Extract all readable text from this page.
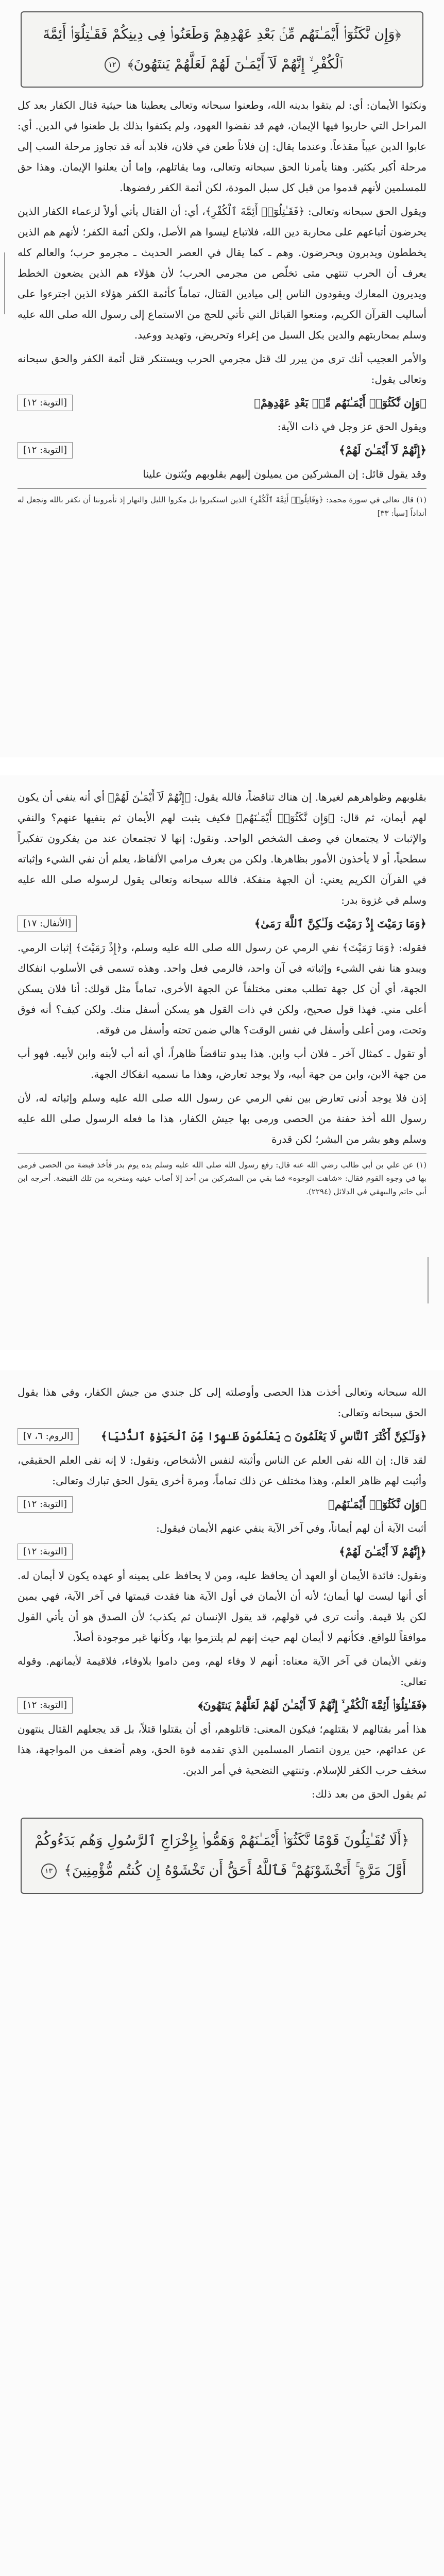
﴿وَإِن نَّكَثُوٓا۟ أَيْمَـٰنَهُم مِّنۢ بَعْدِ عَهْدِهِمْ وَطَعَنُوا۟ فِى دِينِكُمْ فَقَـٰتِلُوٓا۟ أَئِمَّةَ ٱلْكُفْرِ ۙ إِنَّهُمْ لَآ أَيْمَـٰنَ لَهُمْ لَعَلَّهُمْ يَنتَهُونَ﴾ ١٢

ونكثوا الأيمان: أي: لم يتقوا بدينه الله، وطعنوا سبحانه وتعالى يعطينا هنا حيثية قتال الكفار بعد كل المراحل التي حاربوا فيها الإيمان، فهم قد نقضوا العهود، ولم يكتفوا بذلك بل طعنوا في الدين. أي: عابوا الدين عيباً مقذعاً. وعندما يقال: إن فلاناً طعن في فلان، فلابد أنه قد تجاوز مرحلة السب إلى مرحلة أكبر بكثير. وهنا يأمرنا الحق سبحانه وتعالى، وما يقاتلهم، وإما أن يعلنوا الإيمان. وهذا حق للمسلمين لأنهم قدموا من قبل كل سبل المودة، لكن أئمة الكفر رفضوها.

ويقول الحق سبحانه وتعالى: ﴿فَقَـٰتِلُوٓا۟ أَئِمَّةَ ٱلْكُفْرِ﴾، أي: أن القتال يأتي أولاً لزعماء الكفار الذين يحرضون أتباعهم على محاربة دين الله، فلاتباع ليسوا هم الأصل، ولكن أئمة الكفر؛ لأنهم هم الذين يخططون ويدبرون ويحرضون. وهم ـ كما يقال في العصر الحديث ـ مجرمو حرب؛ والعالم كله يعرف أن الحرب تنتهي متى تخلّص من مجرمي الحرب؛ لأن هؤلاء هم الذين يضعون الخطط ويديرون المعارك ويقودون الناس إلى ميادين القتال، تماماً كأئمة الكفر هؤلاء الذين اجترءوا على أساليب القرآن الكريم، ومنعوا القبائل التي تأتي للحج من الاستماع إلى رسول الله صلى الله عليه وسلم بمحاربتهم والدين بكل السبل من إغراء وتحريض، وتهديد ووعيد.

والأمر العجيب أنك ترى من يبرر لك قتل مجرمي الحرب ويستنكر قتل أئمة الكفر والحق سبحانه وتعالى يقول:

﴿وَإِن نَّكَثُوٓا۟ أَيْمَـٰنَهُم مِّنۢ بَعْدِ عَهْدِهِمْ﴾
[التوبة: ١٢]

ويقول الحق عز وجل في ذات الآية:

﴿إِنَّهُمْ لَآ أَيْمَـٰنَ لَهُمْ﴾
[التوبة: ١٢]

وقد يقول قائل: إن المشركين من يميلون إليهم بقلوبهم ويُثنون علينا

(١) قال تعالى في سورة محمد: ﴿وَقَاتِلُوا۟ أَئِمَّةَ ٱلْكُفْرِ﴾ الذين استكبروا بل مكروا الليل والنهار إذ تأمروننا أن نكفر بالله ونجعل له أنداداً [سبأ: ٣٣]

بقلوبهم وظواهرهم لغيرها. إن هناك تناقضاً، فالله يقول: ﴿إِنَّهُمْ لَآ أَيْمَـٰنَ لَهُمْ﴾ أي أنه ينفي أن يكون لهم أيمان، ثم قال: ﴿وَإِن نَّكَثُوٓا۟ أَيْمَـٰنَهُم﴾ فكيف يثبت لهم الأيمان ثم ينفيها عنهم؟ والنفي والإثبات لا يجتمعان في وصف الشخص الواحد. ونقول: إنها لا تجتمعان عند من يفكرون تفكيراً سطحياً، أو لا يأخذون الأمور بظاهرها. ولكن من يعرف مرامي الألفاظ، يعلم أن نفي الشيء وإثباته في القرآن الكريم يعني: أن الجهة منفكة. فالله سبحانه وتعالى يقول لرسوله صلى الله عليه وسلم في غزوة بدر:

﴿وَمَا رَمَيْتَ إِذْ رَمَيْتَ وَلَـٰكِنَّ ٱللَّهَ رَمَىٰ﴾
[الأنفال: ١٧]

فقوله: ﴿وَمَا رَمَيْتَ﴾ نفي الرمي عن رسول الله صلى الله عليه وسلم، و﴿إِذْ رَمَيْتَ﴾ إثبات الرمي. ويبدو هنا نفي الشيء وإثباته في آن واحد، فالرمي فعل واحد. وهذه تسمى في الأسلوب انفكاك الجهة، أي أن كل جهة تطلب معنى مختلفاً عن الجهة الأخرى، تماماً مثل قولك: أنا فلان يسكن أعلى مني. فهذا قول صحيح، ولكن في ذات القول هو يسكن أسفل منك. ولكن كيف؟ أنه فوق وتحت، ومن أعلى وأسفل في نفس الوقت؟ هالي ضمن تحته وأسفل من فوقه.

أو تقول ـ كمثال آخر ـ فلان أب وابن. هذا يبدو تناقضاً ظاهراً، أي أنه أب لأبنه وابن لأبيه. فهو أب من جهة الابن، وابن من جهة أبيه، ولا يوجد تعارض، وهذا ما نسميه انفكاك الجهة.

إذن فلا يوجد أدنى تعارض بين نفي الرمي عن رسول الله صلى الله عليه وسلم وإثباته له، لأن رسول الله أخذ حفنة من الحصى ورمى بها جيش الكفار، هذا ما فعله الرسول صلى الله عليه وسلم وهو بشر من البشر؛ لكن قدرة

(١) عن علي بن أبي طالب رضي الله عنه قال: رفع رسول الله صلى الله عليه وسلم يده يوم بدر فأخذ قبضة من الحصى فرمى بها في وجوه القوم فقال: «شاهت الوجوه» فما بقي من المشركين من أحد إلا أصاب عينيه ومنخريه من تلك القبضة. أخرجه ابن أبي حاتم والبيهقي في الدلائل (٢٢٩٤).

الله سبحانه وتعالى أخذت هذا الحصى وأوصلته إلى كل جندي من جيش الكفار، وفي هذا يقول الحق سبحانه وتعالى:

﴿وَلَـٰكِنَّ أَكْثَرَ ٱلنَّاسِ لَا يَعْلَمُونَ ۝ يَعْلَمُونَ ظَـٰهِرًا مِّنَ ٱلْحَيَوٰةِ ٱلدُّنْيَا﴾
[الروم: ٦، ٧]

لقد قال: إن الله نفى العلم عن الناس وأثبته لنفس الأشخاص، ونقول: لا إنه نفى العلم الحقيقي، وأثبت لهم ظاهر العلم، وهذا مختلف عن ذلك تماماً، ومرة أخرى يقول الحق تبارك وتعالى:

﴿وَإِن نَّكَثُوٓا۟ أَيْمَـٰنَهُم﴾
[التوبة: ١٢]

أثبت الآية أن لهم أيماناً، وفي آخر الآية ينفي عنهم الأيمان فيقول:

﴿إِنَّهُمْ لَآ أَيْمَـٰنَ لَهُمْ﴾
[التوبة: ١٢]

ونقول: فائدة الأيمان أو العهد أن يحافظ عليه، ومن لا يحافظ على يمينه أو عهده يكون لا أيمان له. أي أنها ليست لها أيمان؛ لأنه أن الأيمان في أول الآية هنا فقدت قيمتها في آخر الآية، فهي يمين لكن بلا قيمة. وأنت ترى في قولهم، قد يقول الإنسان ثم يكذب؛ لأن الصدق هو أن يأتي القول موافقاً للواقع. فكأنهم لا أيمان لهم حيث إنهم لم يلتزموا بها، وكأنها غير موجودة أصلاً.

ونفي الأيمان في آخر الآية معناه: أنهم لا وفاء لهم، ومن داموا بلاوفاء، فلاقيمة لأيمانهم. وقوله تعالى:

﴿فَقَـٰتِلُوٓا۟ أَئِمَّةَ ٱلْكُفْرِ ۙ إِنَّهُمْ لَآ أَيْمَـٰنَ لَهُمْ لَعَلَّهُمْ يَنتَهُونَ﴾
[التوبة: ١٢]

هذا أمر بقتالهم لا بقتلهم؛ فيكون المعنى: قاتلوهم، أي أن يقتلوا قتلاً، بل قد يجعلهم القتال ينتهون عن عدائهم، حين يرون انتصار المسلمين الذي تقدمه قوة الحق، وهم أضعف من المواجهة، هذا سخف حرب الكفر للإسلام. وتنتهي التضحية في أمر الدين.

ثم يقول الحق من بعد ذلك:

﴿أَلَا تُقَـٰتِلُونَ قَوْمًا نَّكَثُوٓا۟ أَيْمَـٰنَهُمْ وَهَمُّوا۟ بِإِخْرَاجِ ٱلرَّسُولِ وَهُم بَدَءُوكُمْ أَوَّلَ مَرَّةٍ ۚ أَتَخْشَوْنَهُمْ ۚ فَٱللَّهُ أَحَقُّ أَن تَخْشَوْهُ إِن كُنتُم مُّؤْمِنِينَ﴾ ١٣
